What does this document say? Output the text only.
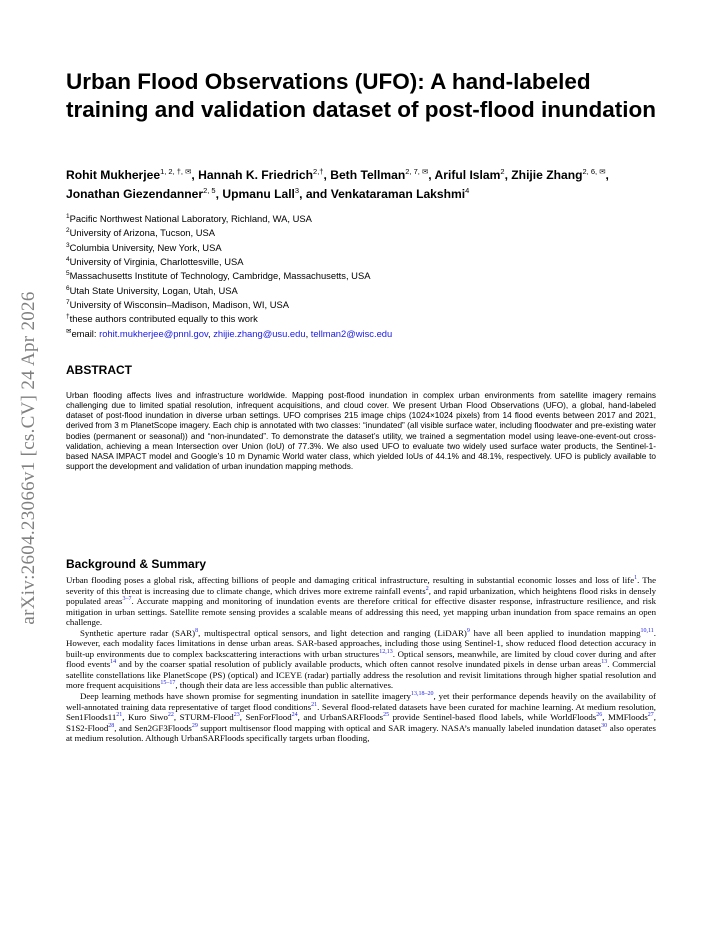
arXiv:2604.23066v1 [cs.CV] 24 Apr 2026
Urban Flood Observations (UFO): A hand-labeled training and validation dataset of post-flood inundation
Rohit Mukherjee$^{1, 2, \dagger, ✉}$, Hannah K. Friedrich$^{2,\dagger}$, Beth Tellman$^{2, 7, ✉}$, Ariful Islam$^2$, Zhijie Zhang$^{2, 6, ✉}$, Jonathan Giezendanner$^{2, 5}$, Upmanu Lall$^3$, and Venkataraman Lakshmi$^4$
$^1$Pacific Northwest National Laboratory, Richland, WA, USA
$^2$University of Arizona, Tucson, USA
$^3$Columbia University, New York, USA
$^4$University of Virginia, Charlottesville, USA
$^5$Massachusetts Institute of Technology, Cambridge, Massachusetts, USA
$^6$Utah State University, Logan, Utah, USA
$^7$University of Wisconsin–Madison, Madison, WI, USA
†these authors contributed equally to this work
✉email: rohit.mukherjee@pnnl.gov, zhijie.zhang@usu.edu, tellman2@wisc.edu
ABSTRACT

Urban flooding affects lives and infrastructure worldwide. Mapping post-flood inundation in complex urban environments from satellite imagery remains challenging due to limited spatial resolution, infrequent acquisitions, and cloud cover. We present Urban Flood Observations (UFO), a global, hand-labeled dataset of post-flood inundation in diverse urban settings. UFO comprises 215 image chips (1024×1024 pixels) from 14 flood events between 2017 and 2021, derived from 3 m PlanetScope imagery. Each chip is annotated with two classes: “inundated” (all visible surface water, including floodwater and pre-existing water bodies (permanent or seasonal)) and “non-inundated”. To demonstrate the dataset’s utility, we trained a segmentation model using leave-one-event-out cross-validation, achieving a mean Intersection over Union (IoU) of 77.3%. We also used UFO to evaluate two widely used surface water products, the Sentinel-1-based NASA IMPACT model and Google’s 10 m Dynamic World water class, which yielded IoUs of 44.1% and 48.1%, respectively. UFO is publicly available to support the development and validation of urban inundation mapping methods.

Background & Summary

Urban flooding poses a global risk, affecting billions of people and damaging critical infrastructure, resulting in substantial economic losses and loss of life$^1$. The severity of this threat is increasing due to climate change, which drives more extreme rainfall events$^2$, and rapid urbanization, which heightens flood risks in densely populated areas$^{3-7}$. Accurate mapping and monitoring of inundation events are therefore critical for effective disaster response, infrastructure resilience, and risk mitigation in urban settings. Satellite remote sensing provides a scalable means of addressing this need, yet mapping urban inundation from space remains an open challenge.

Synthetic aperture radar (SAR)$^8$, multispectral optical sensors, and light detection and ranging (LiDAR)$^9$ have all been applied to inundation mapping$^{10,11}$. However, each modality faces limitations in dense urban areas. SAR-based approaches, including those using Sentinel-1, show reduced flood detection accuracy in built-up environments due to complex backscattering interactions with urban structures$^{12,13}$. Optical sensors, meanwhile, are limited by cloud cover during and after flood events$^{14}$ and by the coarser spatial resolution of publicly available products, which often cannot resolve inundated pixels in dense urban areas$^{13}$. Commercial satellite constellations like PlanetScope (PS) (optical) and ICEYE (radar) partially address the resolution and revisit limitations through higher spatial resolution and more frequent acquisitions$^{15-17}$, though their data are less accessible than public alternatives.

Deep learning methods have shown promise for segmenting inundation in satellite imagery$^{13,18-20}$, yet their performance depends heavily on the availability of well-annotated training data representative of target flood conditions$^{21}$. Several flood-related datasets have been curated for machine learning. At medium resolution, $Sen1Floods11^{21}$, Kuro Siwo$^{22}$, STURM-Flood$^{23}$, SenForFlood$^{24}$, and UrbanSARFloods$^{25}$ provide Sentinel-based flood labels, while WorldFloods$^{26}$, MMFloods$^{27}$, S1S2-Flood$^{28}$, and Sen2GF3Floods$^{29}$ support multisensor flood mapping with optical and SAR imagery. NASA’s manually labeled inundation dataset$^{30}$ also operates at medium resolution. Although UrbanSARFloods specifically targets urban flooding,
